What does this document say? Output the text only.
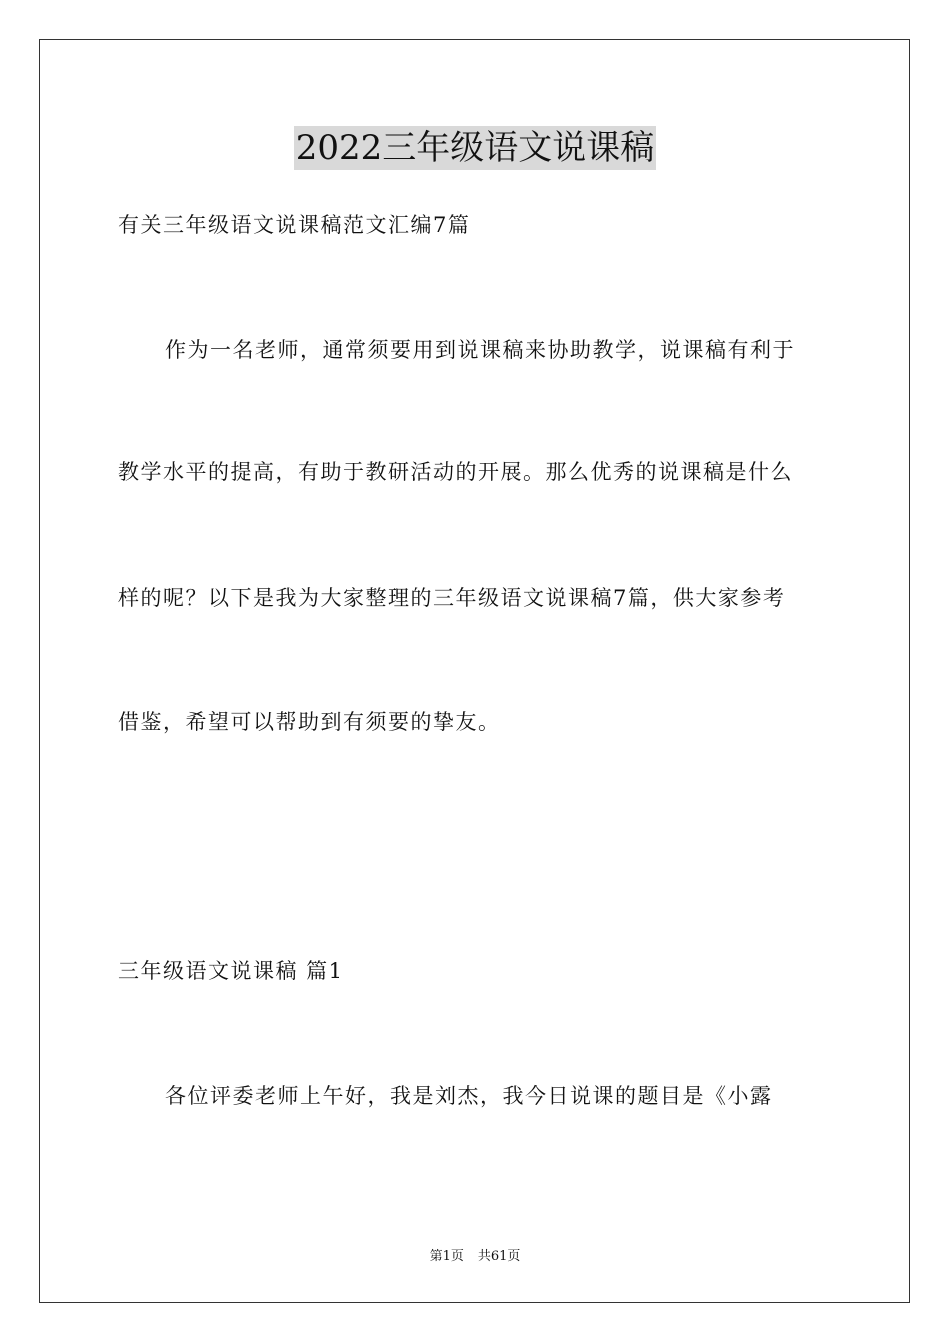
2022三年级语文说课稿
有关三年级语文说课稿范文汇编7篇
作为一名老师，通常须要用到说课稿来协助教学，说课稿有利于
教学水平的提高，有助于教研活动的开展。那么优秀的说课稿是什么
样的呢？以下是我为大家整理的三年级语文说课稿7篇，供大家参考
借鉴，希望可以帮助到有须要的挚友。
三年级语文说课稿 篇1
各位评委老师上午好，我是刘杰，我今日说课的题目是《小露
第1页 共61页
